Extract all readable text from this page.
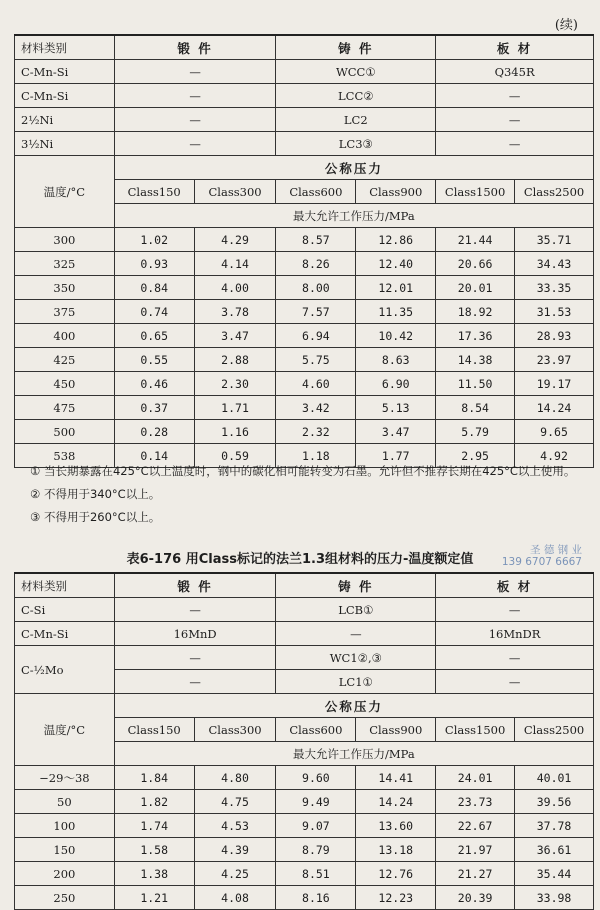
(续)
材料类别	锻 件		铸 件		板 材	
C-Mn-Si	—		WCC①		Q345R	
C-Mn-Si	—		LCC②		—	
2½Ni	—		LC2		—	
3½Ni	—		LC3③		—	
温度/°C	公称压力					
	Class150	Class300	Class600	Class900	Class1500	Class2500
	最大允许工作压力/MPa					
300	1.02	4.29	8.57	12.86	21.44	35.71
325	0.93	4.14	8.26	12.40	20.66	34.43
350	0.84	4.00	8.00	12.01	20.01	33.35
375	0.74	3.78	7.57	11.35	18.92	31.53
400	0.65	3.47	6.94	10.42	17.36	28.93
425	0.55	2.88	5.75	8.63	14.38	23.97
450	0.46	2.30	4.60	6.90	11.50	19.17
475	0.37	1.71	3.42	5.13	8.54	14.24
500	0.28	1.16	2.32	3.47	5.79	9.65
538	0.14	0.59	1.18	1.77	2.95	4.92
① 当长期暴露在425°C以上温度时，钢中的碳化相可能转变为石墨。允许但不推荐长期在425°C以上使用。
② 不得用于340°C以上。
③ 不得用于260°C以上。
表6-176 用Class标记的法兰1.3组材料的压力-温度额定值
圣 德 钢 业
139 6707 6667
材料类别	锻 件		铸 件		板 材	
C-Si	—		LCB①		—	
C-Mn-Si	16MnD		—		16MnDR	
C-½Mo	—		WC1②,③		—	
	—		LC1①		—	
温度/°C	公称压力					
	Class150	Class300	Class600	Class900	Class1500	Class2500
	最大允许工作压力/MPa					
−29～38	1.84	4.80	9.60	14.41	24.01	40.01
50	1.82	4.75	9.49	14.24	23.73	39.56
100	1.74	4.53	9.07	13.60	22.67	37.78
150	1.58	4.39	8.79	13.18	21.97	36.61
200	1.38	4.25	8.51	12.76	21.27	35.44
250	1.21	4.08	8.16	12.23	20.39	33.98
